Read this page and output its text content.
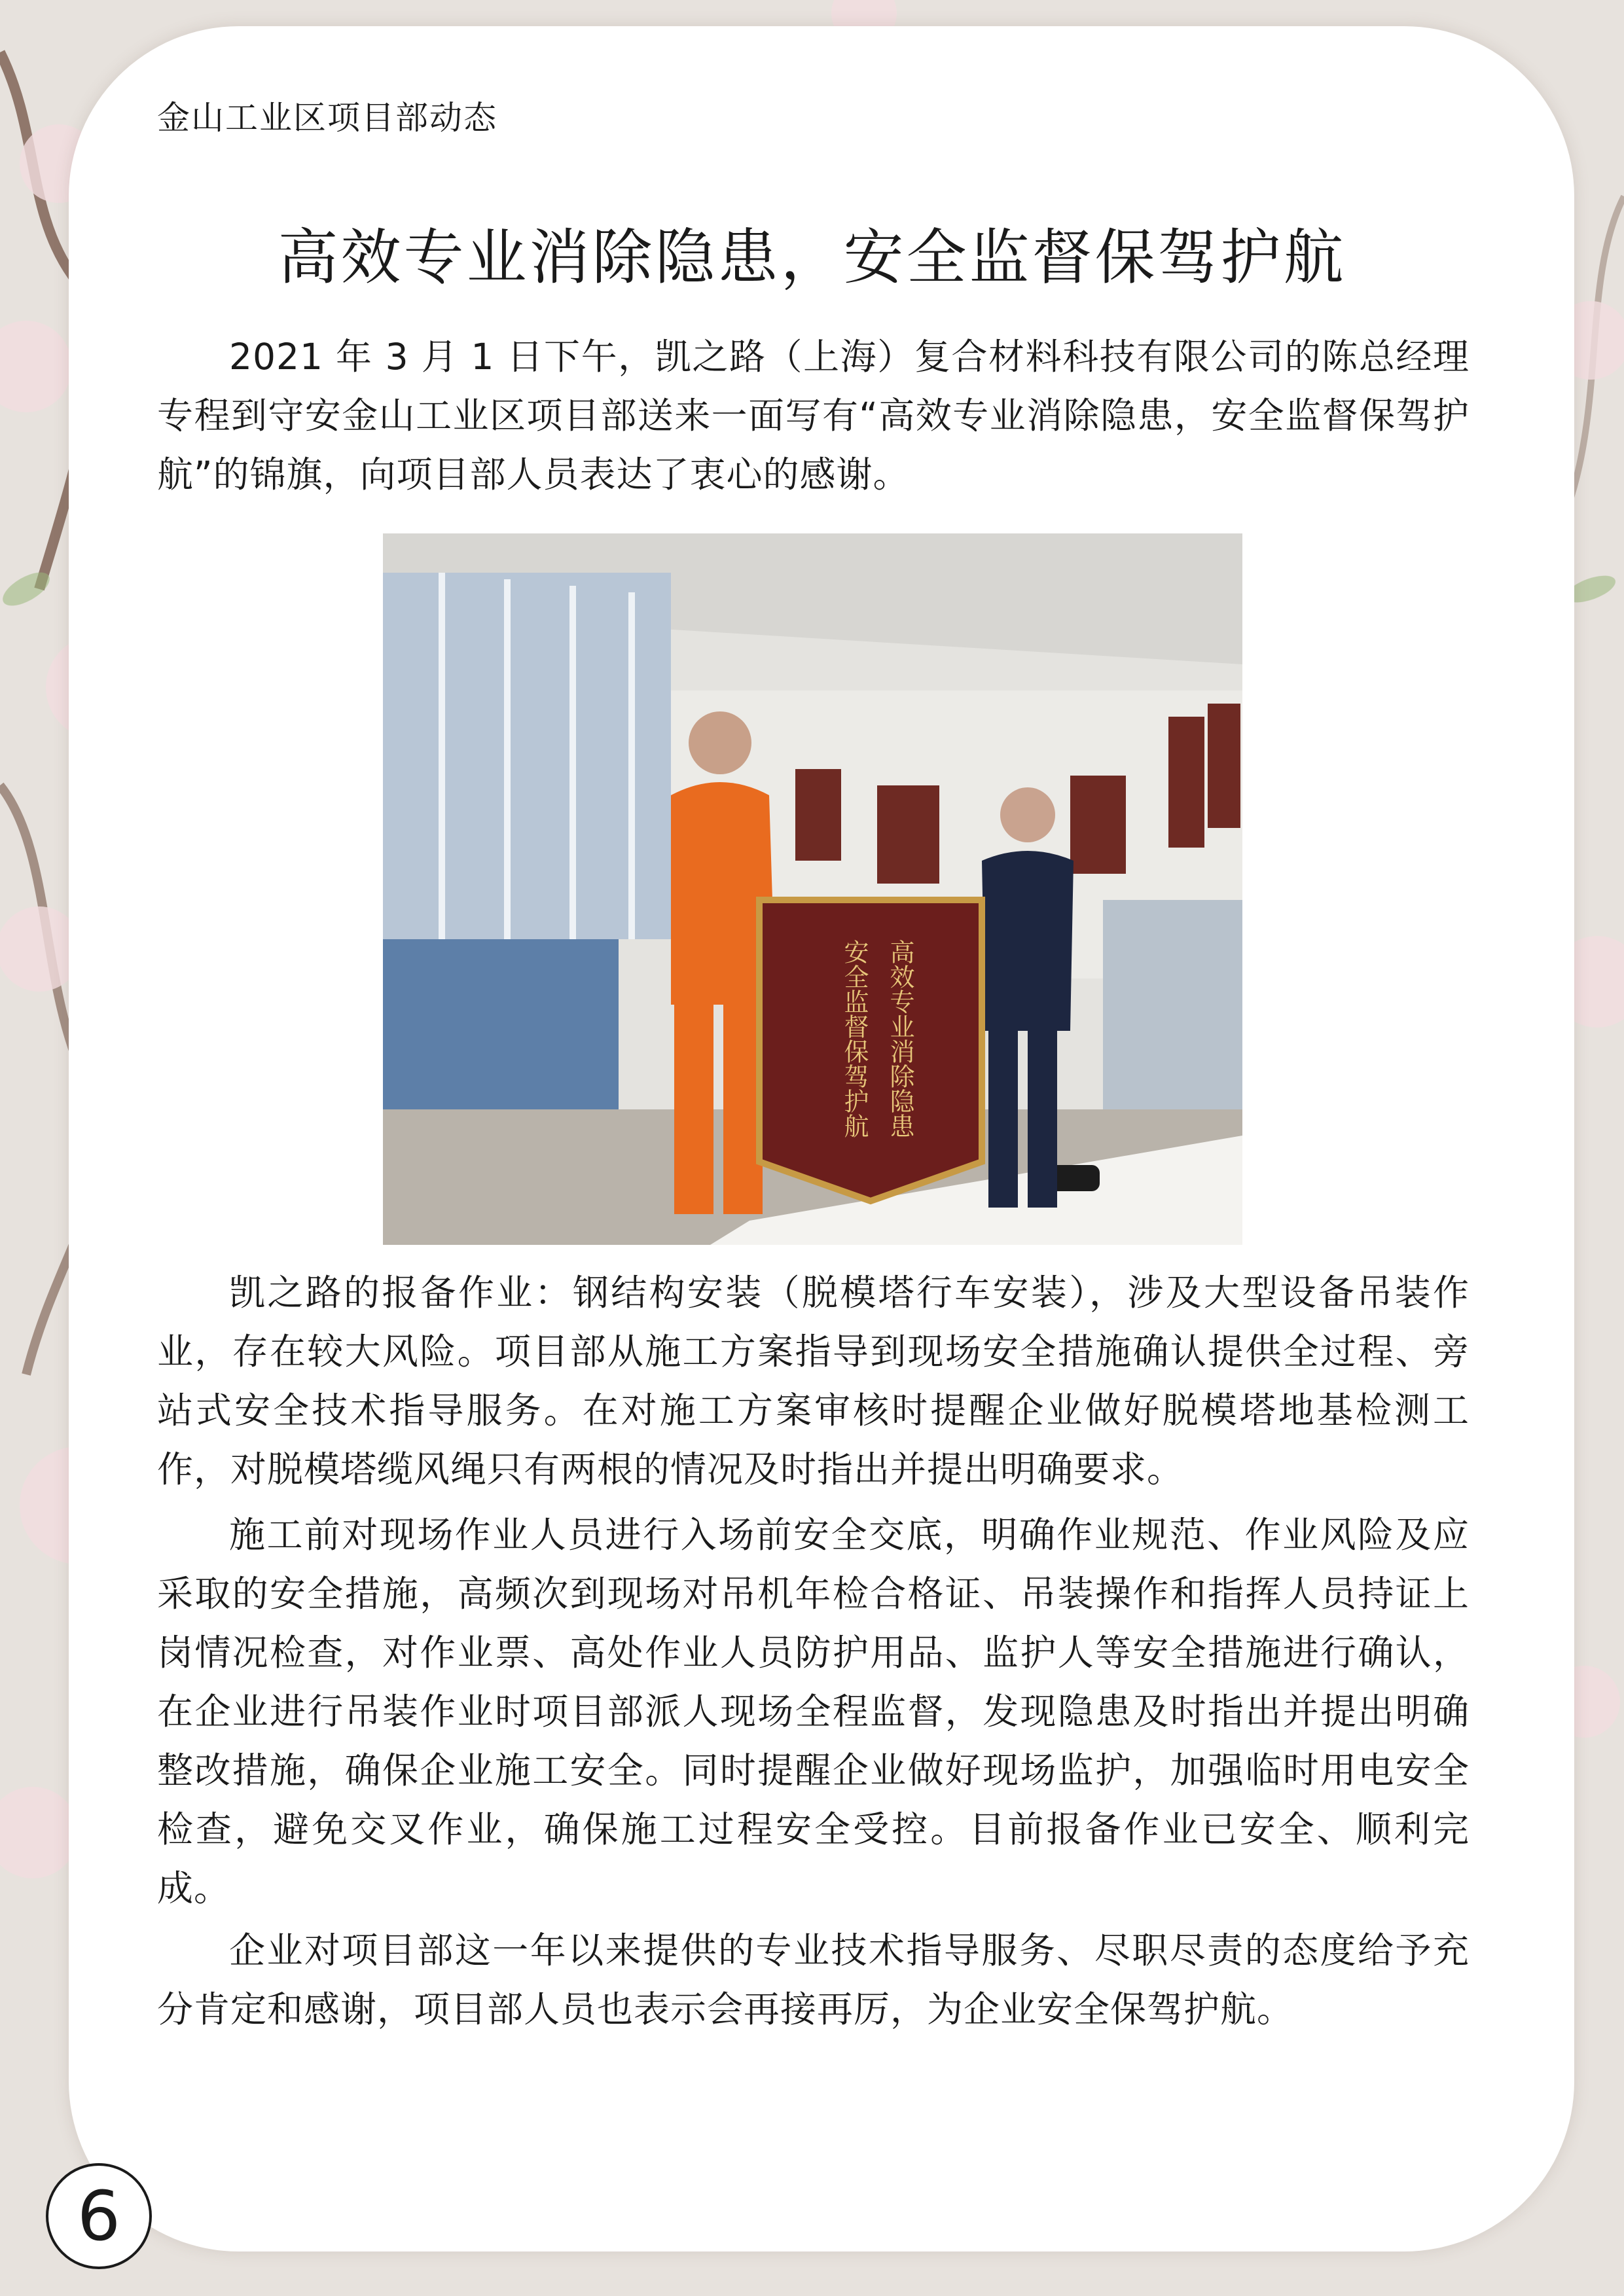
金山工业区项目部动态
高效专业消除隐患，安全监督保驾护航

2021 年 3 月 1 日下午，凯之路（上海）复合材料科技有限公司的陈总经理专程到守安金山工业区项目部送来一面写有“高效专业消除隐患，安全监督保驾护航”的锦旗，向项目部人员表达了衷心的感谢。

高效专业消除隐患
安全监督保驾护航

凯之路的报备作业：钢结构安装（脱模塔行车安装），涉及大型设备吊装作业，存在较大风险。项目部从施工方案指导到现场安全措施确认提供全过程、旁站式安全技术指导服务。在对施工方案审核时提醒企业做好脱模塔地基检测工作，对脱模塔缆风绳只有两根的情况及时指出并提出明确要求。

施工前对现场作业人员进行入场前安全交底，明确作业规范、作业风险及应采取的安全措施，高频次到现场对吊机年检合格证、吊装操作和指挥人员持证上岗情况检查，对作业票、高处作业人员防护用品、监护人等安全措施进行确认，在企业进行吊装作业时项目部派人现场全程监督，发现隐患及时指出并提出明确整改措施，确保企业施工安全。同时提醒企业做好现场监护，加强临时用电安全检查，避免交叉作业，确保施工过程安全受控。目前报备作业已安全、顺利完成。

企业对项目部这一年以来提供的专业技术指导服务、尽职尽责的态度给予充分肯定和感谢，项目部人员也表示会再接再厉，为企业安全保驾护航。

6
